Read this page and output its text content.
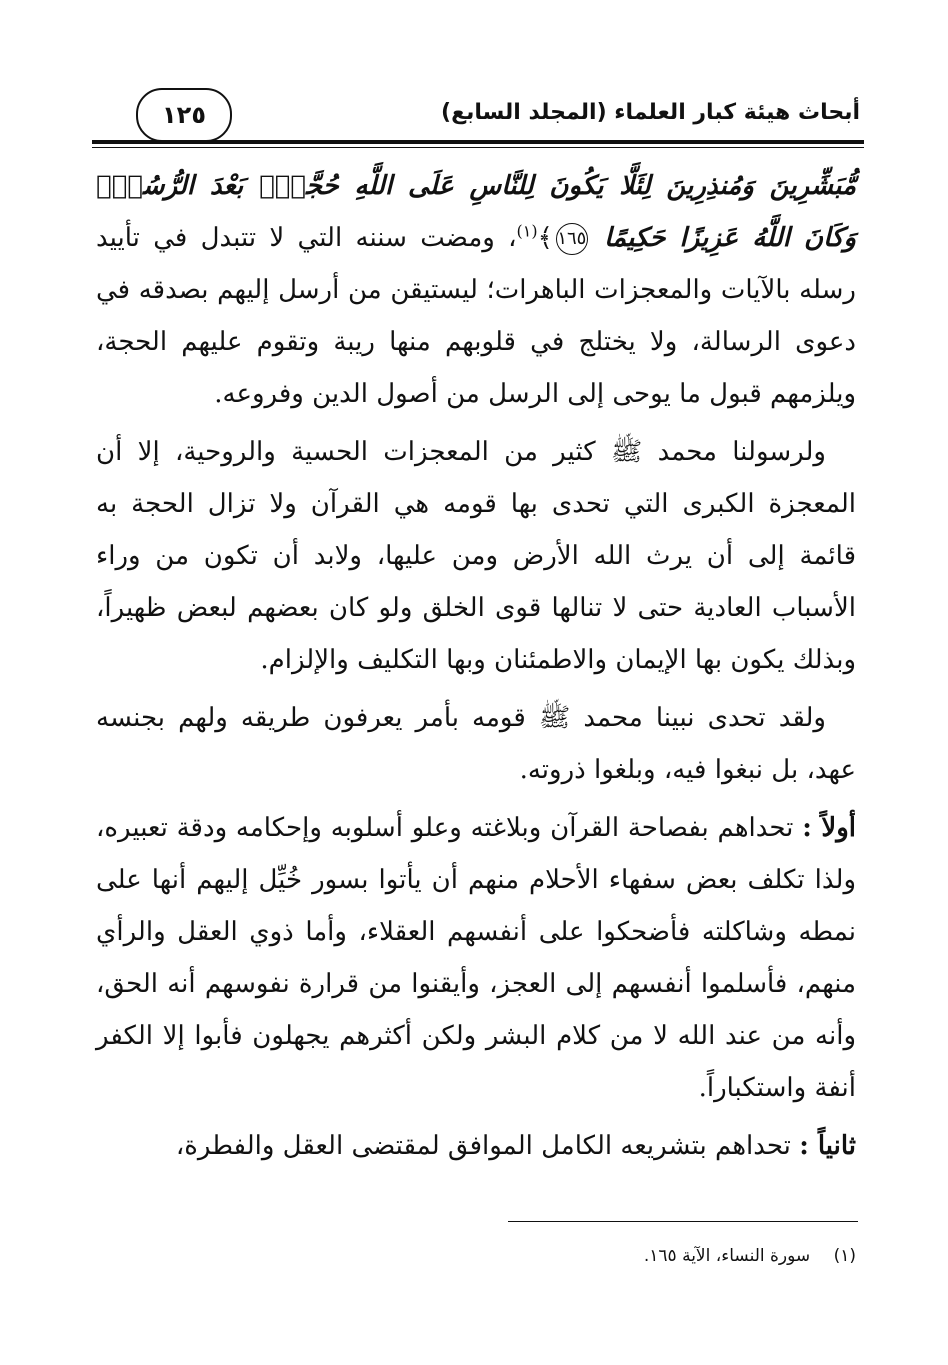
١٢٥	أبحاث هيئة كبار العلماء (المجلد السابع)

مُّبَشِّرِينَ وَمُنذِرِينَ لِئَلَّا يَكُونَ لِلنَّاسِ عَلَى اللَّهِ حُجَّةٌۢ بَعْدَ الرُّسُلِۚ وَكَانَ اللَّهُ عَزِيزًا حَكِيمًا ١٦٥﴾$^{(١)}$، ومضت سننه التي لا تتبدل في تأييد رسله بالآيات والمعجزات الباهرات؛ ليستيقن من أرسل إليهم بصدقه في دعوى الرسالة، ولا يختلج في قلوبهم منها ريبة وتقوم عليهم الحجة، ويلزمهم قبول ما يوحى إلى الرسل من أصول الدين وفروعه.

ولرسولنا محمد ﷺ كثير من المعجزات الحسية والروحية، إلا أن المعجزة الكبرى التي تحدى بها قومه هي القرآن ولا تزال الحجة به قائمة إلى أن يرث الله الأرض ومن عليها، ولابد أن تكون من وراء الأسباب العادية حتى لا تنالها قوى الخلق ولو كان بعضهم لبعض ظهيراً، وبذلك يكون بها الإيمان والاطمئنان وبها التكليف والإلزام.

ولقد تحدى نبينا محمد ﷺ قومه بأمر يعرفون طريقه ولهم بجنسه عهد، بل نبغوا فيه، وبلغوا ذروته.

أولاً : تحداهم بفصاحة القرآن وبلاغته وعلو أسلوبه وإحكامه ودقة تعبيره، ولذا تكلف بعض سفهاء الأحلام منهم أن يأتوا بسور خُيِّل إليهم أنها على نمطه وشاكلته فأضحكوا على أنفسهم العقلاء، وأما ذوي العقل والرأي منهم، فأسلموا أنفسهم إلى العجز، وأيقنوا من قرارة نفوسهم أنه الحق، وأنه من عند الله لا من كلام البشر ولكن أكثرهم يجهلون فأبوا إلا الكفر أنفة واستكباراً.

ثانياً : تحداهم بتشريعه الكامل الموافق لمقتضى العقل والفطرة،

(١) سورة النساء، الآية ١٦٥.
